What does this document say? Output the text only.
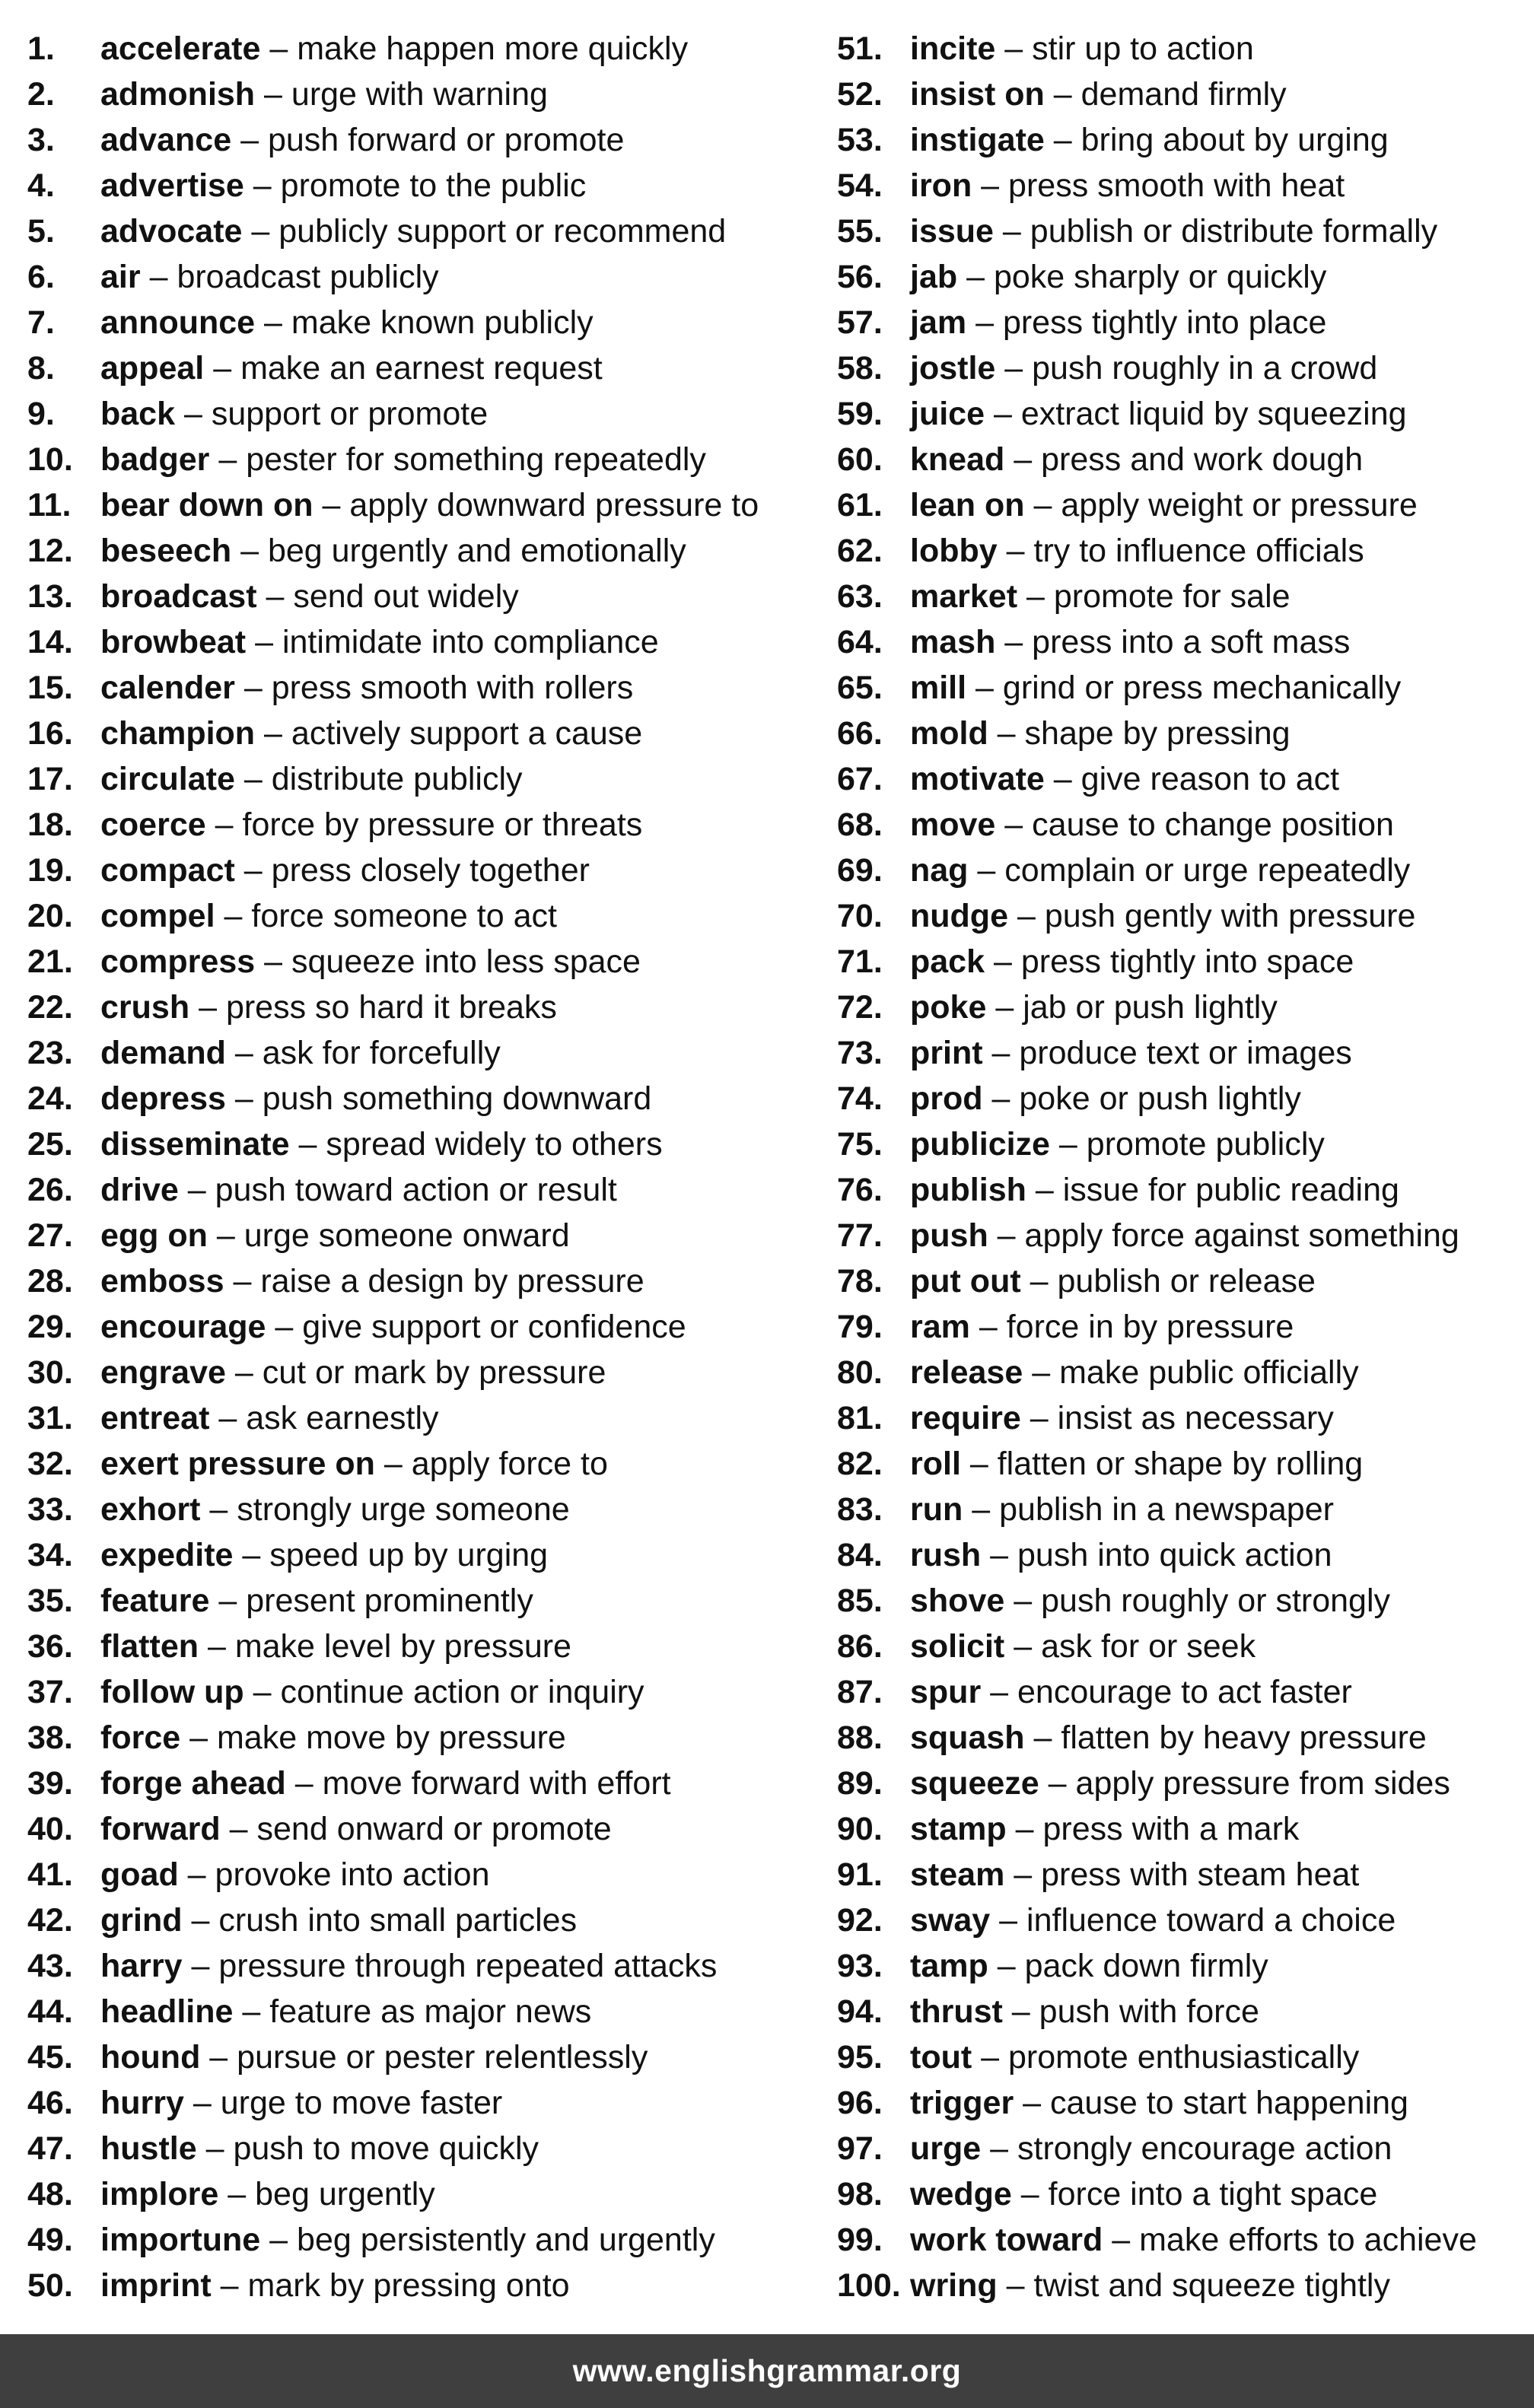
1.	accelerate
–
make happen more quickly
2.	admonish
–
urge with warning
3.	advance
–
push forward or promote
4.	advertise
–
promote to the public
5.	advocate
–
publicly support or recommend
6.	air
–
broadcast publicly
7.	announce
–
make known publicly
8.	appeal
–
make an earnest request
9.	back
–
support or promote
10. badger
–
pester for something repeatedly
11. bear down on
–
apply downward pressure to
12. beseech
–
beg urgently and emotionally
13. broadcast
–
send out widely
14. browbeat
–
intimidate into compliance
15. calender
–
press smooth with rollers
16. champion
–
actively support a cause
17. circulate
–
distribute publicly
18. coerce
–
force by pressure or threats
19. compact
–
press closely together
20. compel
–
force someone to act
21. compress
–
squeeze into less space
22. crush
–
press so hard it breaks
23. demand
–
ask for forcefully
24. depress
–
push something downward
25. disseminate
–
spread widely to others
26. drive
–
push toward action or result
27. egg on
–
urge someone onward
28. emboss
–
raise a design by pressure
29. encourage
–
give support or confidence
30. engrave
–
cut or mark by pressure
31. entreat
–
ask earnestly
32. exert pressure on
–
apply force to
33. exhort
–
strongly urge someone
34. expedite
–
speed up by urging
35. feature
–
present prominently
36. flatten
–
make level by pressure
37. follow up
–
continue action or inquiry
38. force
–
make move by pressure
39. forge ahead
–
move forward with effort
40. forward
–
send onward or promote
41. goad
–
provoke into action
42. grind
–
crush into small particles
43. harry
–
pressure through repeated attacks
44. headline
–
feature as major news
45. hound
–
pursue or pester relentlessly
46. hurry
–
urge to move faster
47. hustle
–
push to move quickly
48. implore
–
beg urgently
49. importune
–
beg persistently and urgently
50. imprint
–
mark by pressing onto
51. incite
–
stir up to action
52. insist on
–
demand firmly
53. instigate
–
bring about by urging
54. iron
–
press smooth with heat
55. issue
–
publish or distribute formally
56. jab
–
poke sharply or quickly
57. jam
–
press tightly into place
58. jostle
–
push roughly in a crowd
59. juice
–
extract liquid by squeezing
60. knead
–
press and work dough
61. lean on
–
apply weight or pressure
62. lobby
–
try to influence officials
63. market
–
promote for sale
64. mash
–
press into a soft mass
65. mill
–
grind or press mechanically
66. mold
–
shape by pressing
67. motivate
–
give reason to act
68. move
–
cause to change position
69. nag
–
complain or urge repeatedly
70. nudge
–
push gently with pressure
71. pack
–
press tightly into space
72. poke
–
jab or push lightly
73. print
–
produce text or images
74. prod
–
poke or push lightly
75. publicize
–
promote publicly
76. publish
–
issue for public reading
77. push
–
apply force against something
78. put out
–
publish or release
79. ram
–
force in by pressure
80. release
–
make public officially
81. require
–
insist as necessary
82. roll
–
flatten or shape by rolling
83. run
–
publish in a newspaper
84. rush
–
push into quick action
85. shove
–
push roughly or strongly
86. solicit
–
ask for or seek
87. spur
–
encourage to act faster
88. squash
–
flatten by heavy pressure
89. squeeze
–
apply pressure from sides
90. stamp
–
press with a mark
91. steam
–
press with steam heat
92. sway
–
influence toward a choice
93. tamp
–
pack down firmly
94. thrust
–
push with force
95. tout
–
promote enthusiastically
96. trigger
–
cause to start happening
97. urge
–
strongly encourage action
98. wedge
–
force into a tight space
99. work toward
–
make efforts to achieve
100. wring
–
twist and squeeze tightly
www.englishgrammar.org
